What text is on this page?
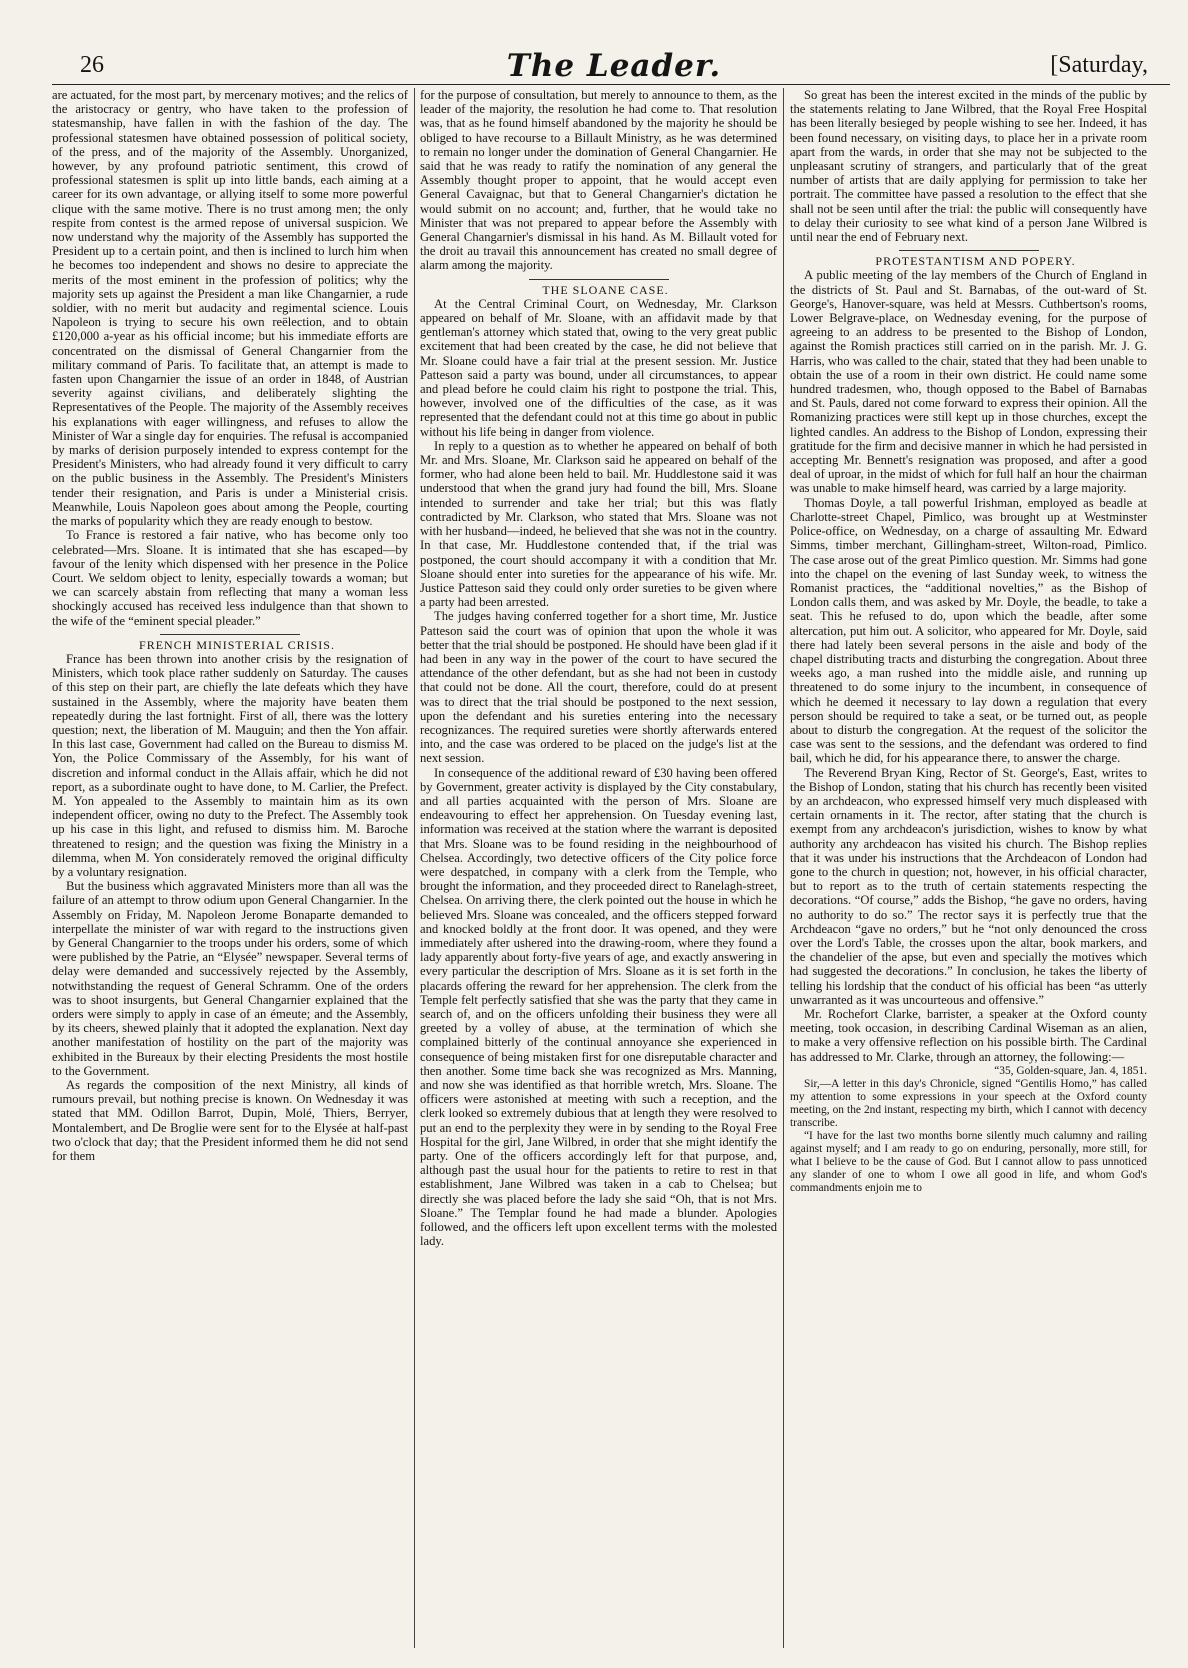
26	The Leader.	[Saturday,

are actuated, for the most part, by mercenary motives; and the relics of the aristocracy or gentry, who have taken to the profession of statesmanship, have fallen in with the fashion of the day. The professional statesmen have obtained possession of political society, of the press, and of the majority of the Assembly. Unorganized, however, by any profound patriotic sentiment, this crowd of professional statesmen is split up into little bands, each aiming at a career for its own advantage, or allying itself to some more powerful clique with the same motive. There is no trust among men; the only respite from contest is the armed repose of universal suspicion. We now understand why the majority of the Assembly has supported the President up to a certain point, and then is inclined to lurch him when he becomes too independent and shows no desire to appreciate the merits of the most eminent in the profession of politics; why the majority sets up against the President a man like Changarnier, a rude soldier, with no merit but audacity and regimental science. Louis Napoleon is trying to secure his own reëlection, and to obtain £120,000 a-year as his official income; but his immediate efforts are concentrated on the dismissal of General Changarnier from the military command of Paris. To facilitate that, an attempt is made to fasten upon Changarnier the issue of an order in 1848, of Austrian severity against civilians, and deliberately slighting the Representatives of the People. The majority of the Assembly receives his explanations with eager willingness, and refuses to allow the Minister of War a single day for enquiries. The refusal is accompanied by marks of derision purposely intended to express contempt for the President's Ministers, who had already found it very difficult to carry on the public business in the Assembly. The President's Ministers tender their resignation, and Paris is under a Ministerial crisis. Meanwhile, Louis Napoleon goes about among the People, courting the marks of popularity which they are ready enough to bestow.

To France is restored a fair native, who has become only too celebrated—Mrs. Sloane. It is intimated that she has escaped—by favour of the lenity which dispensed with her presence in the Police Court. We seldom object to lenity, especially towards a woman; but we can scarcely abstain from reflecting that many a woman less shockingly accused has received less indulgence than that shown to the wife of the “eminent special pleader.”

FRENCH MINISTERIAL CRISIS.

France has been thrown into another crisis by the resignation of Ministers, which took place rather suddenly on Saturday. The causes of this step on their part, are chiefly the late defeats which they have sustained in the Assembly, where the majority have beaten them repeatedly during the last fortnight. First of all, there was the lottery question; next, the liberation of M. Mauguin; and then the Yon affair. In this last case, Government had called on the Bureau to dismiss M. Yon, the Police Commissary of the Assembly, for his want of discretion and informal conduct in the Allais affair, which he did not report, as a subordinate ought to have done, to M. Carlier, the Prefect. M. Yon appealed to the Assembly to maintain him as its own independent officer, owing no duty to the Prefect. The Assembly took up his case in this light, and refused to dismiss him. M. Baroche threatened to resign; and the question was fixing the Ministry in a dilemma, when M. Yon considerately removed the original difficulty by a voluntary resignation.

But the business which aggravated Ministers more than all was the failure of an attempt to throw odium upon General Changarnier. In the Assembly on Friday, M. Napoleon Jerome Bonaparte demanded to interpellate the minister of war with regard to the instructions given by General Changarnier to the troops under his orders, some of which were published by the Patrie, an “Elysée” newspaper. Several terms of delay were demanded and successively rejected by the Assembly, notwithstanding the request of General Schramm. One of the orders was to shoot insurgents, but General Changarnier explained that the orders were simply to apply in case of an émeute; and the Assembly, by its cheers, shewed plainly that it adopted the explanation. Next day another manifestation of hostility on the part of the majority was exhibited in the Bureaux by their electing Presidents the most hostile to the Government.

As regards the composition of the next Ministry, all kinds of rumours prevail, but nothing precise is known. On Wednesday it was stated that MM. Odillon Barrot, Dupin, Molé, Thiers, Berryer, Montalembert, and De Broglie were sent for to the Elysée at half-past two o'clock that day; that the President informed them he did not send for them

for the purpose of consultation, but merely to announce to them, as the leader of the majority, the resolution he had come to. That resolution was, that as he found himself abandoned by the majority he should be obliged to have recourse to a Billault Ministry, as he was determined to remain no longer under the domination of General Changarnier. He said that he was ready to ratify the nomination of any general the Assembly thought proper to appoint, that he would accept even General Cavaignac, but that to General Changarnier's dictation he would submit on no account; and, further, that he would take no Minister that was not prepared to appear before the Assembly with General Changarnier's dismissal in his hand. As M. Billault voted for the droit au travail this announcement has created no small degree of alarm among the majority.

THE SLOANE CASE.

At the Central Criminal Court, on Wednesday, Mr. Clarkson appeared on behalf of Mr. Sloane, with an affidavit made by that gentleman's attorney which stated that, owing to the very great public excitement that had been created by the case, he did not believe that Mr. Sloane could have a fair trial at the present session. Mr. Justice Patteson said a party was bound, under all circumstances, to appear and plead before he could claim his right to postpone the trial. This, however, involved one of the difficulties of the case, as it was represented that the defendant could not at this time go about in public without his life being in danger from violence.

In reply to a question as to whether he appeared on behalf of both Mr. and Mrs. Sloane, Mr. Clarkson said he appeared on behalf of the former, who had alone been held to bail. Mr. Huddlestone said it was understood that when the grand jury had found the bill, Mrs. Sloane intended to surrender and take her trial; but this was flatly contradicted by Mr. Clarkson, who stated that Mrs. Sloane was not with her husband—indeed, he believed that she was not in the country. In that case, Mr. Huddlestone contended that, if the trial was postponed, the court should accompany it with a condition that Mr. Sloane should enter into sureties for the appearance of his wife. Mr. Justice Patteson said they could only order sureties to be given where a party had been arrested.

The judges having conferred together for a short time, Mr. Justice Patteson said the court was of opinion that upon the whole it was better that the trial should be postponed. He should have been glad if it had been in any way in the power of the court to have secured the attendance of the other defendant, but as she had not been in custody that could not be done. All the court, therefore, could do at present was to direct that the trial should be postponed to the next session, upon the defendant and his sureties entering into the necessary recognizances. The required sureties were shortly afterwards entered into, and the case was ordered to be placed on the judge's list at the next session.

In consequence of the additional reward of £30 having been offered by Government, greater activity is displayed by the City constabulary, and all parties acquainted with the person of Mrs. Sloane are endeavouring to effect her apprehension. On Tuesday evening last, information was received at the station where the warrant is deposited that Mrs. Sloane was to be found residing in the neighbourhood of Chelsea. Accordingly, two detective officers of the City police force were despatched, in company with a clerk from the Temple, who brought the information, and they proceeded direct to Ranelagh-street, Chelsea. On arriving there, the clerk pointed out the house in which he believed Mrs. Sloane was concealed, and the officers stepped forward and knocked boldly at the front door. It was opened, and they were immediately after ushered into the drawing-room, where they found a lady apparently about forty-five years of age, and exactly answering in every particular the description of Mrs. Sloane as it is set forth in the placards offering the reward for her apprehension. The clerk from the Temple felt perfectly satisfied that she was the party that they came in search of, and on the officers unfolding their business they were all greeted by a volley of abuse, at the termination of which she complained bitterly of the continual annoyance she experienced in consequence of being mistaken first for one disreputable character and then another. Some time back she was recognized as Mrs. Manning, and now she was identified as that horrible wretch, Mrs. Sloane. The officers were astonished at meeting with such a reception, and the clerk looked so extremely dubious that at length they were resolved to put an end to the perplexity they were in by sending to the Royal Free Hospital for the girl, Jane Wilbred, in order that she might identify the party. One of the officers accordingly left for that purpose, and, although past the usual hour for the patients to retire to rest in that establishment, Jane Wilbred was taken in a cab to Chelsea; but directly she was placed before the lady she said “Oh, that is not Mrs. Sloane.” The Templar found he had made a blunder. Apologies followed, and the officers left upon excellent terms with the molested lady.

So great has been the interest excited in the minds of the public by the statements relating to Jane Wilbred, that the Royal Free Hospital has been literally besieged by people wishing to see her. Indeed, it has been found necessary, on visiting days, to place her in a private room apart from the wards, in order that she may not be subjected to the unpleasant scrutiny of strangers, and particularly that of the great number of artists that are daily applying for permission to take her portrait. The committee have passed a resolution to the effect that she shall not be seen until after the trial: the public will consequently have to delay their curiosity to see what kind of a person Jane Wilbred is until near the end of February next.

PROTESTANTISM AND POPERY.

A public meeting of the lay members of the Church of England in the districts of St. Paul and St. Barnabas, of the out-ward of St. George's, Hanover-square, was held at Messrs. Cuthbertson's rooms, Lower Belgrave-place, on Wednesday evening, for the purpose of agreeing to an address to be presented to the Bishop of London, against the Romish practices still carried on in the parish. Mr. J. G. Harris, who was called to the chair, stated that they had been unable to obtain the use of a room in their own district. He could name some hundred tradesmen, who, though opposed to the Babel of Barnabas and St. Pauls, dared not come forward to express their opinion. All the Romanizing practices were still kept up in those churches, except the lighted candles. An address to the Bishop of London, expressing their gratitude for the firm and decisive manner in which he had persisted in accepting Mr. Bennett's resignation was proposed, and after a good deal of uproar, in the midst of which for full half an hour the chairman was unable to make himself heard, was carried by a large majority.

Thomas Doyle, a tall powerful Irishman, employed as beadle at Charlotte-street Chapel, Pimlico, was brought up at Westminster Police-office, on Wednesday, on a charge of assaulting Mr. Edward Simms, timber merchant, Gillingham-street, Wilton-road, Pimlico. The case arose out of the great Pimlico question. Mr. Simms had gone into the chapel on the evening of last Sunday week, to witness the Romanist practices, the “additional novelties,” as the Bishop of London calls them, and was asked by Mr. Doyle, the beadle, to take a seat. This he refused to do, upon which the beadle, after some altercation, put him out. A solicitor, who appeared for Mr. Doyle, said there had lately been several persons in the aisle and body of the chapel distributing tracts and disturbing the congregation. About three weeks ago, a man rushed into the middle aisle, and running up threatened to do some injury to the incumbent, in consequence of which he deemed it necessary to lay down a regulation that every person should be required to take a seat, or be turned out, as people about to disturb the congregation. At the request of the solicitor the case was sent to the sessions, and the defendant was ordered to find bail, which he did, for his appearance there, to answer the charge.

The Reverend Bryan King, Rector of St. George's, East, writes to the Bishop of London, stating that his church has recently been visited by an archdeacon, who expressed himself very much displeased with certain ornaments in it. The rector, after stating that the church is exempt from any archdeacon's jurisdiction, wishes to know by what authority any archdeacon has visited his church. The Bishop replies that it was under his instructions that the Archdeacon of London had gone to the church in question; not, however, in his official character, but to report as to the truth of certain statements respecting the decorations. “Of course,” adds the Bishop, “he gave no orders, having no authority to do so.” The rector says it is perfectly true that the Archdeacon “gave no orders,” but he “not only denounced the cross over the Lord's Table, the crosses upon the altar, book markers, and the chandelier of the apse, but even and specially the motives which had suggested the decorations.” In conclusion, he takes the liberty of telling his lordship that the conduct of his official has been “as utterly unwarranted as it was uncourteous and offensive.”

Mr. Rochefort Clarke, barrister, a speaker at the Oxford county meeting, took occasion, in describing Cardinal Wiseman as an alien, to make a very offensive reflection on his possible birth. The Cardinal has addressed to Mr. Clarke, through an attorney, the following:—

“35, Golden-square, Jan. 4, 1851.

Sir,—A letter in this day's Chronicle, signed “Gentilis Homo,” has called my attention to some expressions in your speech at the Oxford county meeting, on the 2nd instant, respecting my birth, which I cannot with decency transcribe.

“I have for the last two months borne silently much calumny and railing against myself; and I am ready to go on enduring, personally, more still, for what I believe to be the cause of God. But I cannot allow to pass unnoticed any slander of one to whom I owe all good in life, and whom God's commandments enjoin me to
